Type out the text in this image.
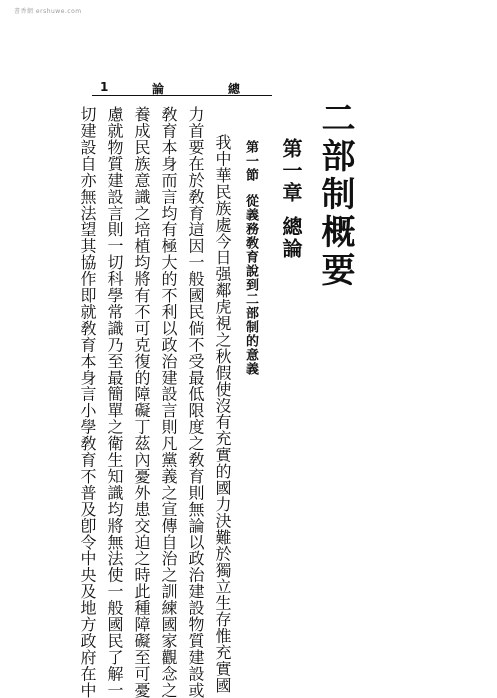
書香網 ershuwe.com
1	論	總
二部制概要
第一章總論
第一節從義務敎育說到二部制的意義
我中華民族處今日强鄰虎視之秋假使沒有充實的國力決難於獨立生存惟充實國
力首要在於敎育這因一般國民倘不受最低限度之敎育則無論以政治建設物質建設或
敎育本身而言均有極大的不利以政治建設言則凡黨義之宣傳自治之訓練國家觀念之
養成民族意識之培植均將有不可克復的障礙丁茲內憂外患交迫之時此種障礙至可憂
慮就物質建設言則一切科學常識乃至最簡單之衛生知識均將無法使一般國民了解一
切建設自亦無法望其協作即就敎育本身言小學敎育不普及卽令中央及地方政府在中
